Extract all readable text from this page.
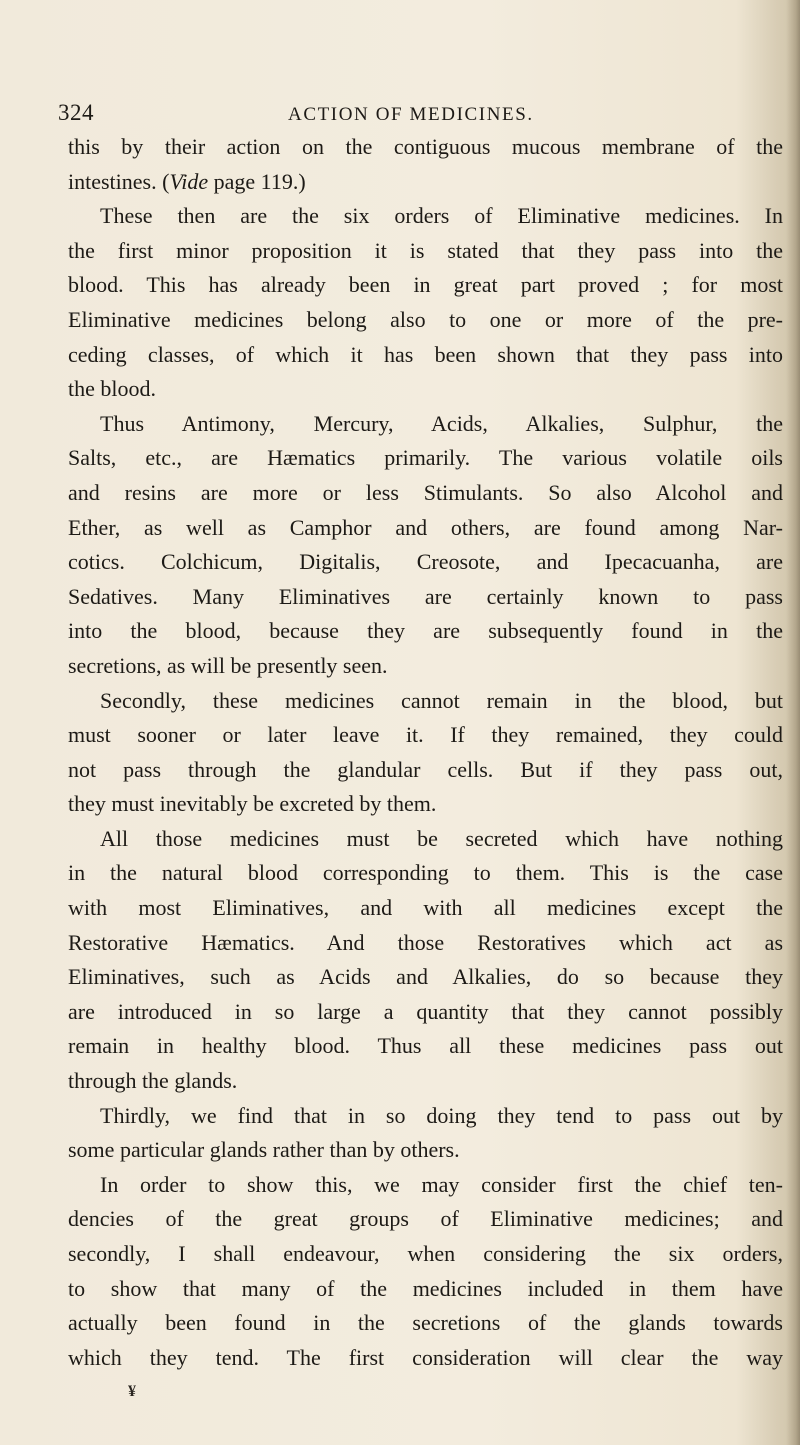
324	ACTION OF MEDICINES.
this by their action on the contiguous mucous membrane of the
intestines. (Vide page 119.)
These then are the six orders of Eliminative medicines. In
the first minor proposition it is stated that they pass into the
blood. This has already been in great part proved ; for most
Eliminative medicines belong also to one or more of the pre-
ceding classes, of which it has been shown that they pass into
the blood.
Thus Antimony, Mercury, Acids, Alkalies, Sulphur, the
Salts, etc., are Hæmatics primarily. The various volatile oils
and resins are more or less Stimulants. So also Alcohol and
Ether, as well as Camphor and others, are found among Nar-
cotics. Colchicum, Digitalis, Creosote, and Ipecacuanha, are
Sedatives. Many Eliminatives are certainly known to pass
into the blood, because they are subsequently found in the
secretions, as will be presently seen.
Secondly, these medicines cannot remain in the blood, but
must sooner or later leave it. If they remained, they could
not pass through the glandular cells. But if they pass out,
they must inevitably be excreted by them.
All those medicines must be secreted which have nothing
in the natural blood corresponding to them. This is the case
with most Eliminatives, and with all medicines except the
Restorative Hæmatics. And those Restoratives which act as
Eliminatives, such as Acids and Alkalies, do so because they
are introduced in so large a quantity that they cannot possibly
remain in healthy blood. Thus all these medicines pass out
through the glands.
Thirdly, we find that in so doing they tend to pass out by
some particular glands rather than by others.
In order to show this, we may consider first the chief ten-
dencies of the great groups of Eliminative medicines; and
secondly, I shall endeavour, when considering the six orders,
to show that many of the medicines included in them have
actually been found in the secretions of the glands towards
which they tend. The first consideration will clear the way
¥
